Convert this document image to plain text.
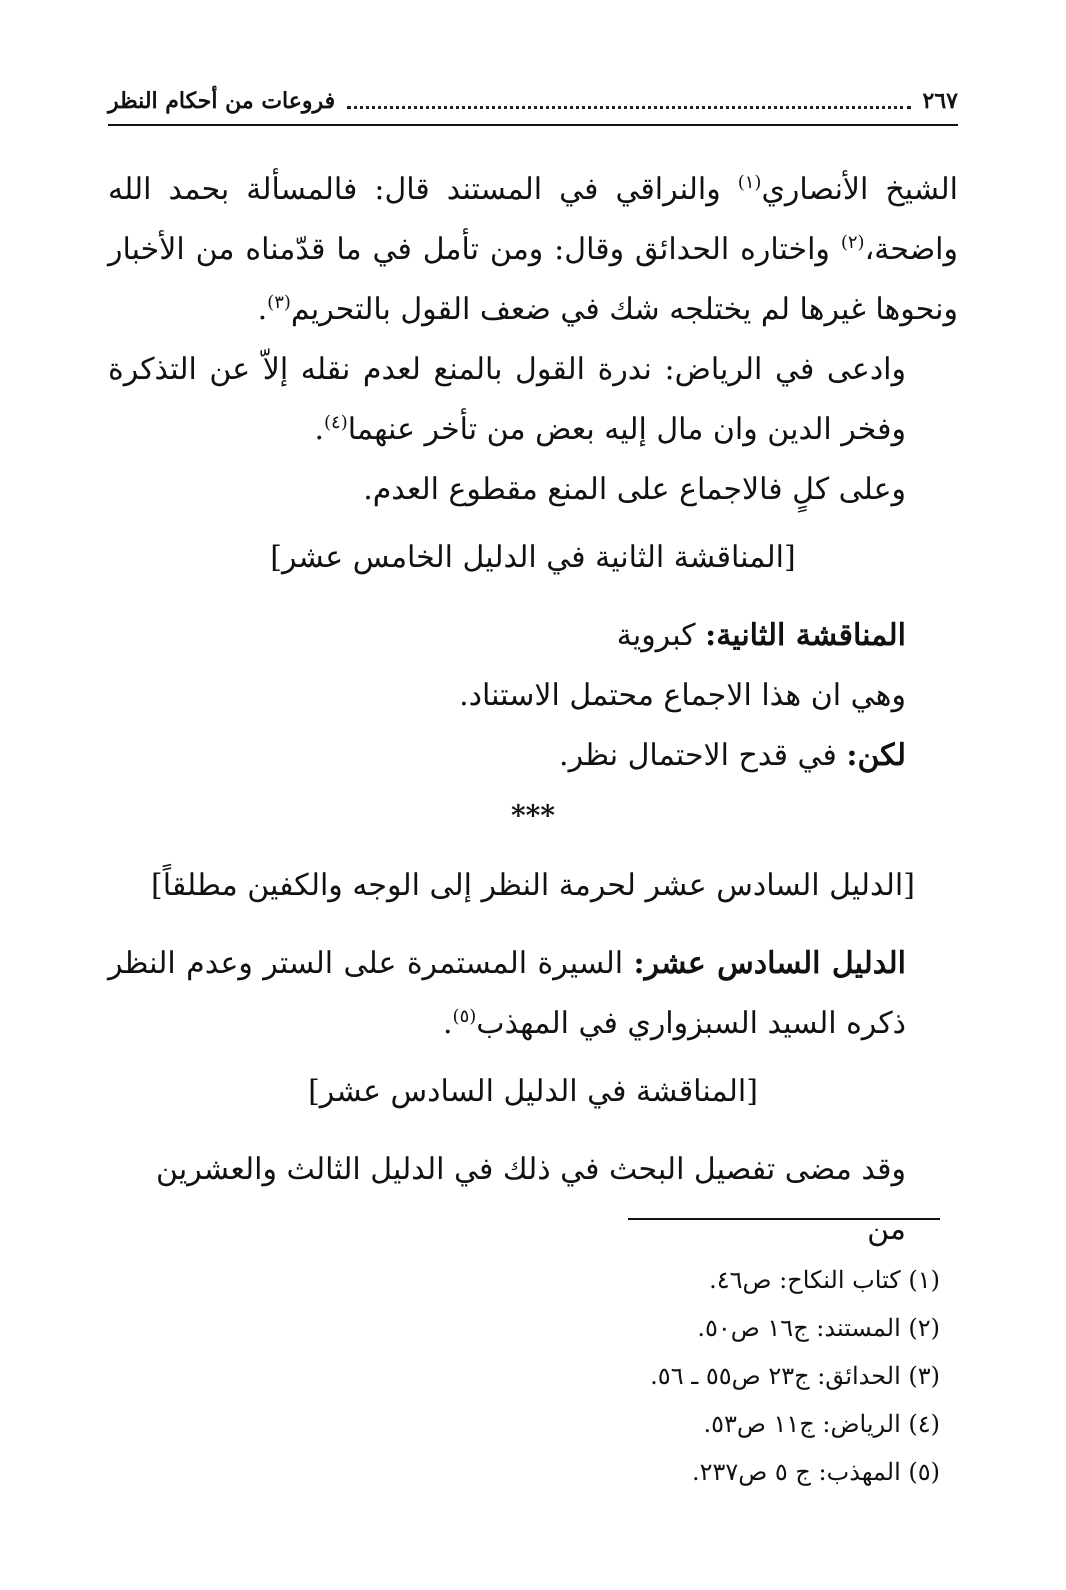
٢٦٧
فروعات من أحكام النظر

الشيخ الأنصاري$^{(١)}$ والنراقي في المستند قال: فالمسألة بحمد الله واضحة،$^{(٢)}$ واختاره الحدائق وقال: ومن تأمل في ما قدّمناه من الأخبار ونحوها غيرها لم يختلجه شك في ضعف القول بالتحريم$^{(٣)}$.

وادعى في الرياض: ندرة القول بالمنع لعدم نقله إلاّ عن التذكرة وفخر الدين وان مال إليه بعض من تأخر عنهما$^{(٤)}$.

وعلى كلٍ فالاجماع على المنع مقطوع العدم.

[المناقشة الثانية في الدليل الخامس عشر]

المناقشة الثانية: كبروية

وهي ان هذا الاجماع محتمل الاستناد.

لكن: في قدح الاحتمال نظر.

***

[الدليل السادس عشر لحرمة النظر إلى الوجه والكفين مطلقاً]

الدليل السادس عشر: السيرة المستمرة على الستر وعدم النظر ذكره السيد السبزواري في المهذب$^{(٥)}$.

[المناقشة في الدليل السادس عشر]

وقد مضى تفصيل البحث في ذلك في الدليل الثالث والعشرين من

(١) كتاب النكاح: ص٤٦.

(٢) المستند: ج١٦ ص٥٠.

(٣) الحدائق: ج٢٣ ص٥٥ ـ ٥٦.

(٤) الرياض: ج١١ ص٥٣.

(٥) المهذب: ج ٥ ص٢٣٧.
